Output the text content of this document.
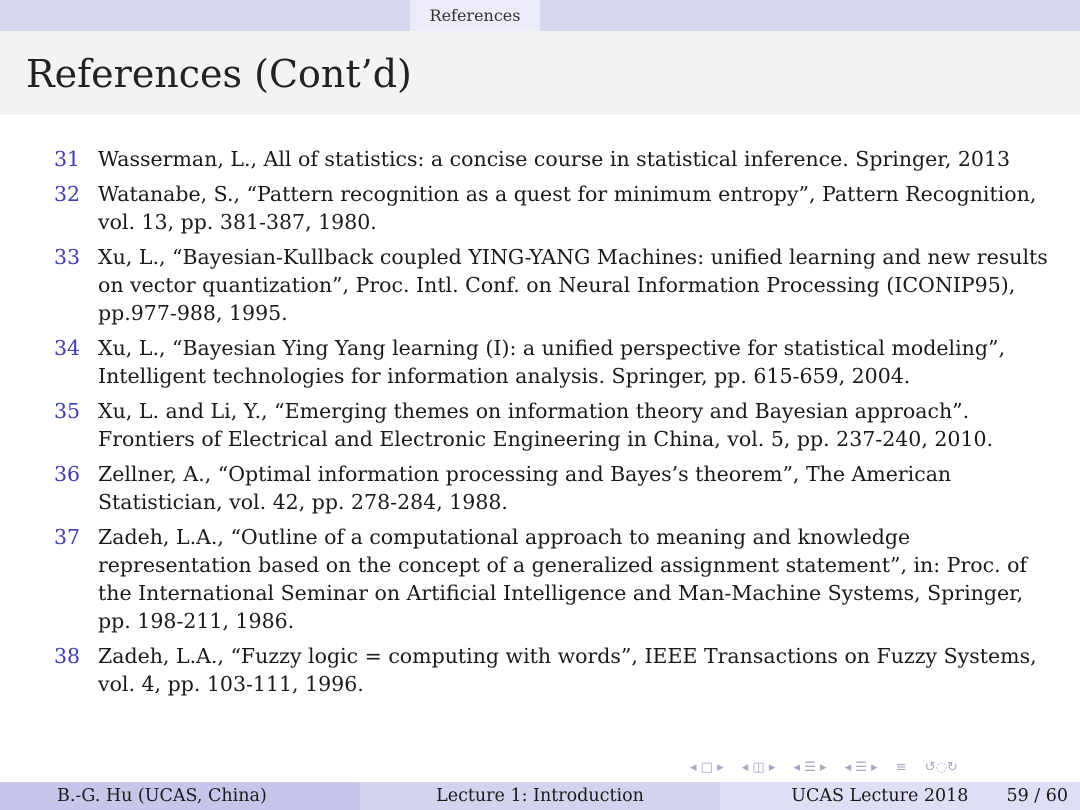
References
References (Cont’d)
31 Wasserman, L., All of statistics: a concise course in statistical inference. Springer, 2013
32 Watanabe, S., “Pattern recognition as a quest for minimum entropy”, Pattern Recognition, vol. 13, pp. 381-387, 1980.
33 Xu, L., “Bayesian-Kullback coupled YING-YANG Machines: unified learning and new results on vector quantization”, Proc. Intl. Conf. on Neural Information Processing (ICONIP95), pp.977-988, 1995.
34 Xu, L., “Bayesian Ying Yang learning (I): a unified perspective for statistical modeling”, Intelligent technologies for information analysis. Springer, pp. 615-659, 2004.
35 Xu, L. and Li, Y., “Emerging themes on information theory and Bayesian approach”. Frontiers of Electrical and Electronic Engineering in China, vol. 5, pp. 237-240, 2010.
36 Zellner, A., “Optimal information processing and Bayes’s theorem”, The American Statistician, vol. 42, pp. 278-284, 1988.
37 Zadeh, L.A., “Outline of a computational approach to meaning and knowledge representation based on the concept of a generalized assignment statement”, in: Proc. of the International Seminar on Artificial Intelligence and Man-Machine Systems, Springer, pp. 198-211, 1986.
38 Zadeh, L.A., “Fuzzy logic = computing with words”, IEEE Transactions on Fuzzy Systems, vol. 4, pp. 103-111, 1996.
◂ □ ▸ ◂ ◫ ▸ ◂ ☰ ▸ ◂ ☰ ▸ ≡ ↺◌↻
B.-G. Hu (UCAS, China)	Lecture 1: Introduction	UCAS Lecture 2018 59 / 60
